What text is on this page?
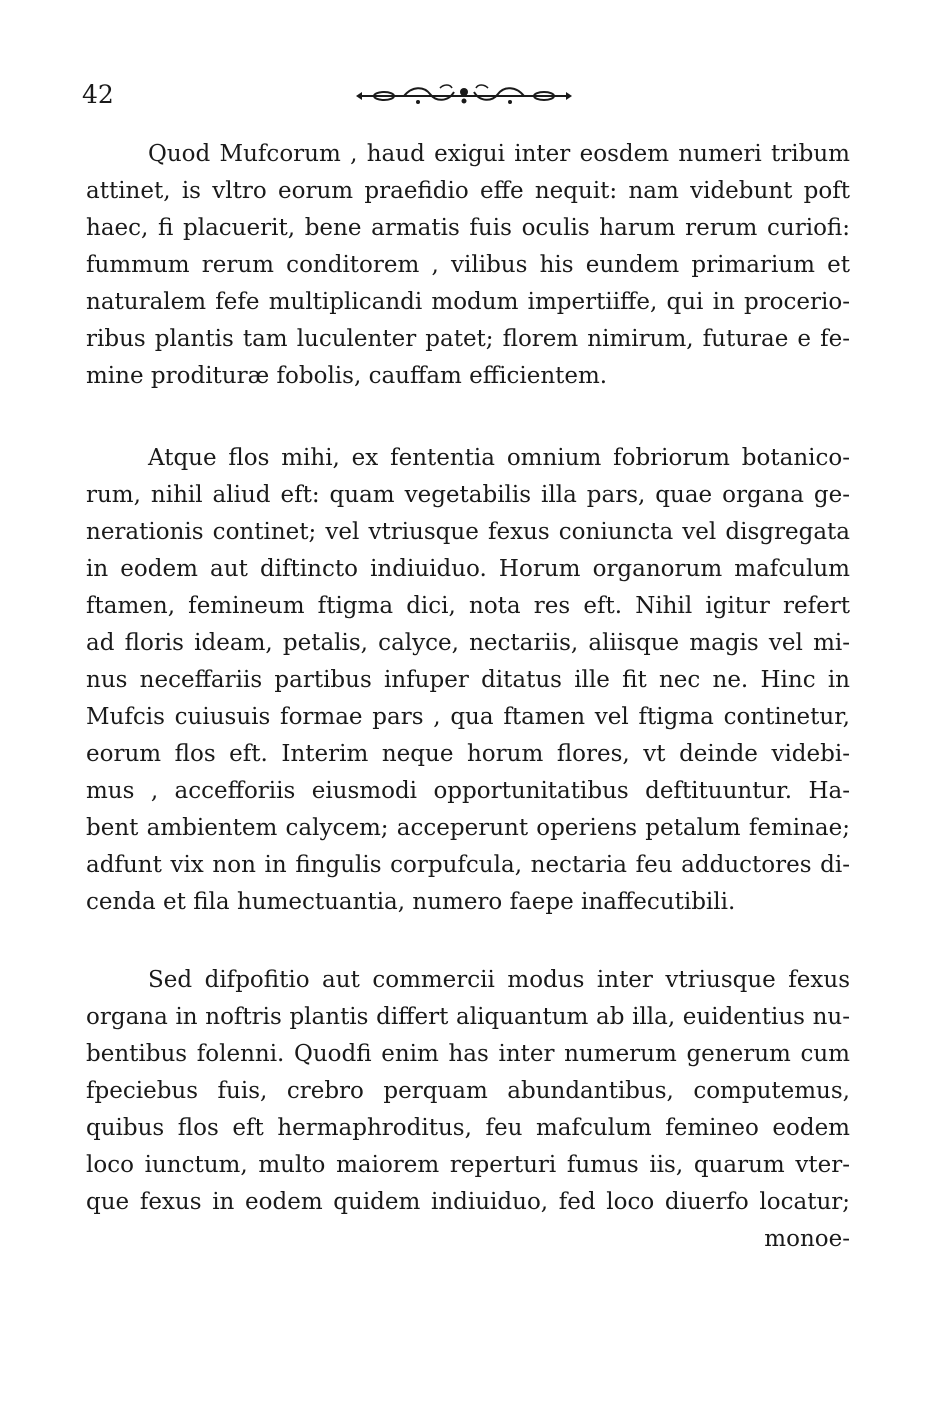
42
Quod Mufcorum , haud exigui inter eosdem numeri tribum
attinet, is vltro eorum praefidio effe nequit: nam videbunt poft
haec, fi placuerit, bene armatis fuis oculis harum rerum curiofi:
fummum rerum conditorem , vilibus his eundem primarium et
naturalem fefe multiplicandi modum impertiiffe, qui in procerio-
ribus plantis tam luculenter patet; florem nimirum, futurae e fe-
mine prodituræ fobolis, cauffam efficientem.
Atque flos mihi, ex fententia omnium fobriorum botanico-
rum, nihil aliud eft: quam vegetabilis illa pars, quae organa ge-
nerationis continet; vel vtriusque fexus coniuncta vel disgregata
in eodem aut diftincto indiuiduo. Horum organorum mafculum
ftamen, femineum ftigma dici, nota res eft. Nihil igitur refert
ad floris ideam, petalis, calyce, nectariis, aliisque magis vel mi-
nus neceffariis partibus infuper ditatus ille fit nec ne. Hinc in
Mufcis cuiusuis formae pars , qua ftamen vel ftigma continetur,
eorum flos eft. Interim neque horum flores, vt deinde videbi-
mus , accefforiis eiusmodi opportunitatibus deftituuntur. Ha-
bent ambientem calycem; acceperunt operiens petalum feminae;
adfunt vix non in fingulis corpufcula, nectaria feu adductores di-
cenda et fila humectuantia, numero faepe inaffecutibili.
Sed difpofitio aut commercii modus inter vtriusque fexus
organa in noftris plantis differt aliquantum ab illa, euidentius nu-
bentibus folenni. Quodfi enim has inter numerum generum cum
fpeciebus fuis, crebro perquam abundantibus, computemus,
quibus flos eft hermaphroditus, feu mafculum femineo eodem
loco iunctum, multo maiorem reperturi fumus iis, quarum vter-
que fexus in eodem quidem indiuiduo, fed loco diuerfo locatur;
monoe-
